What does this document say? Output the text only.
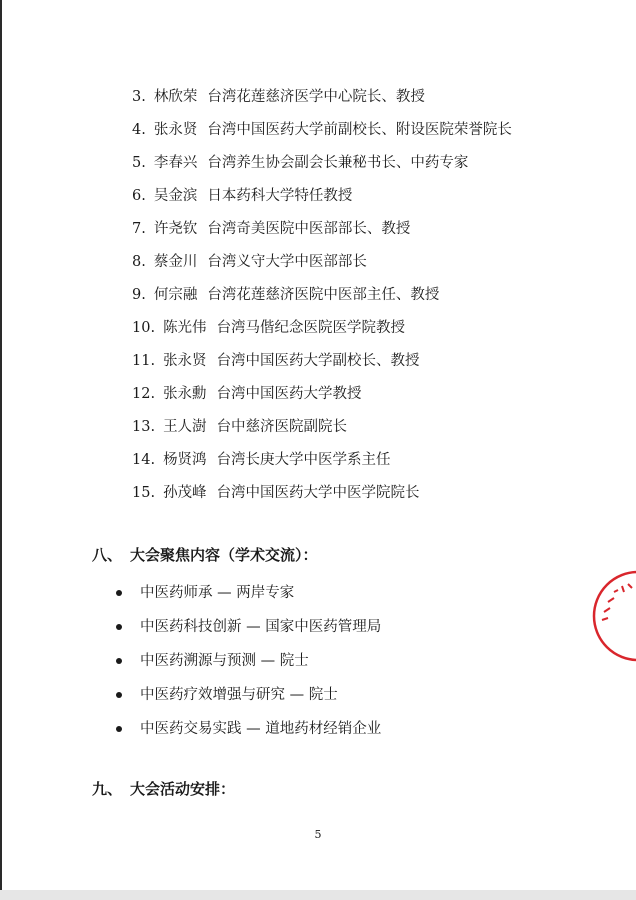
3. 林欣荣 台湾花莲慈济医学中心院长、教授
4. 张永贤 台湾中国医药大学前副校长、附设医院荣誉院长
5. 李春兴 台湾养生协会副会长兼秘书长、中药专家
6. 吴金滨 日本药科大学特任教授
7. 许尧钦 台湾奇美医院中医部部长、教授
8. 蔡金川 台湾义守大学中医部部长
9. 何宗融 台湾花莲慈济医院中医部主任、教授
10. 陈光伟 台湾马偕纪念医院医学院教授
11. 张永贤 台湾中国医药大学副校长、教授
12. 张永勳 台湾中国医药大学教授
13. 王人澍 台中慈济医院副院长
14. 杨贤鸿 台湾长庚大学中医学系主任
15. 孙茂峰 台湾中国医药大学中医学院院长
八、 大会聚焦内容（学术交流）：
中医药师承 — 两岸专家
中医药科技创新 — 国家中医药管理局
中医药溯源与预测 — 院士
中医药疗效增强与研究 — 院士
中医药交易实践 — 道地药材经销企业
九、 大会活动安排：
5
